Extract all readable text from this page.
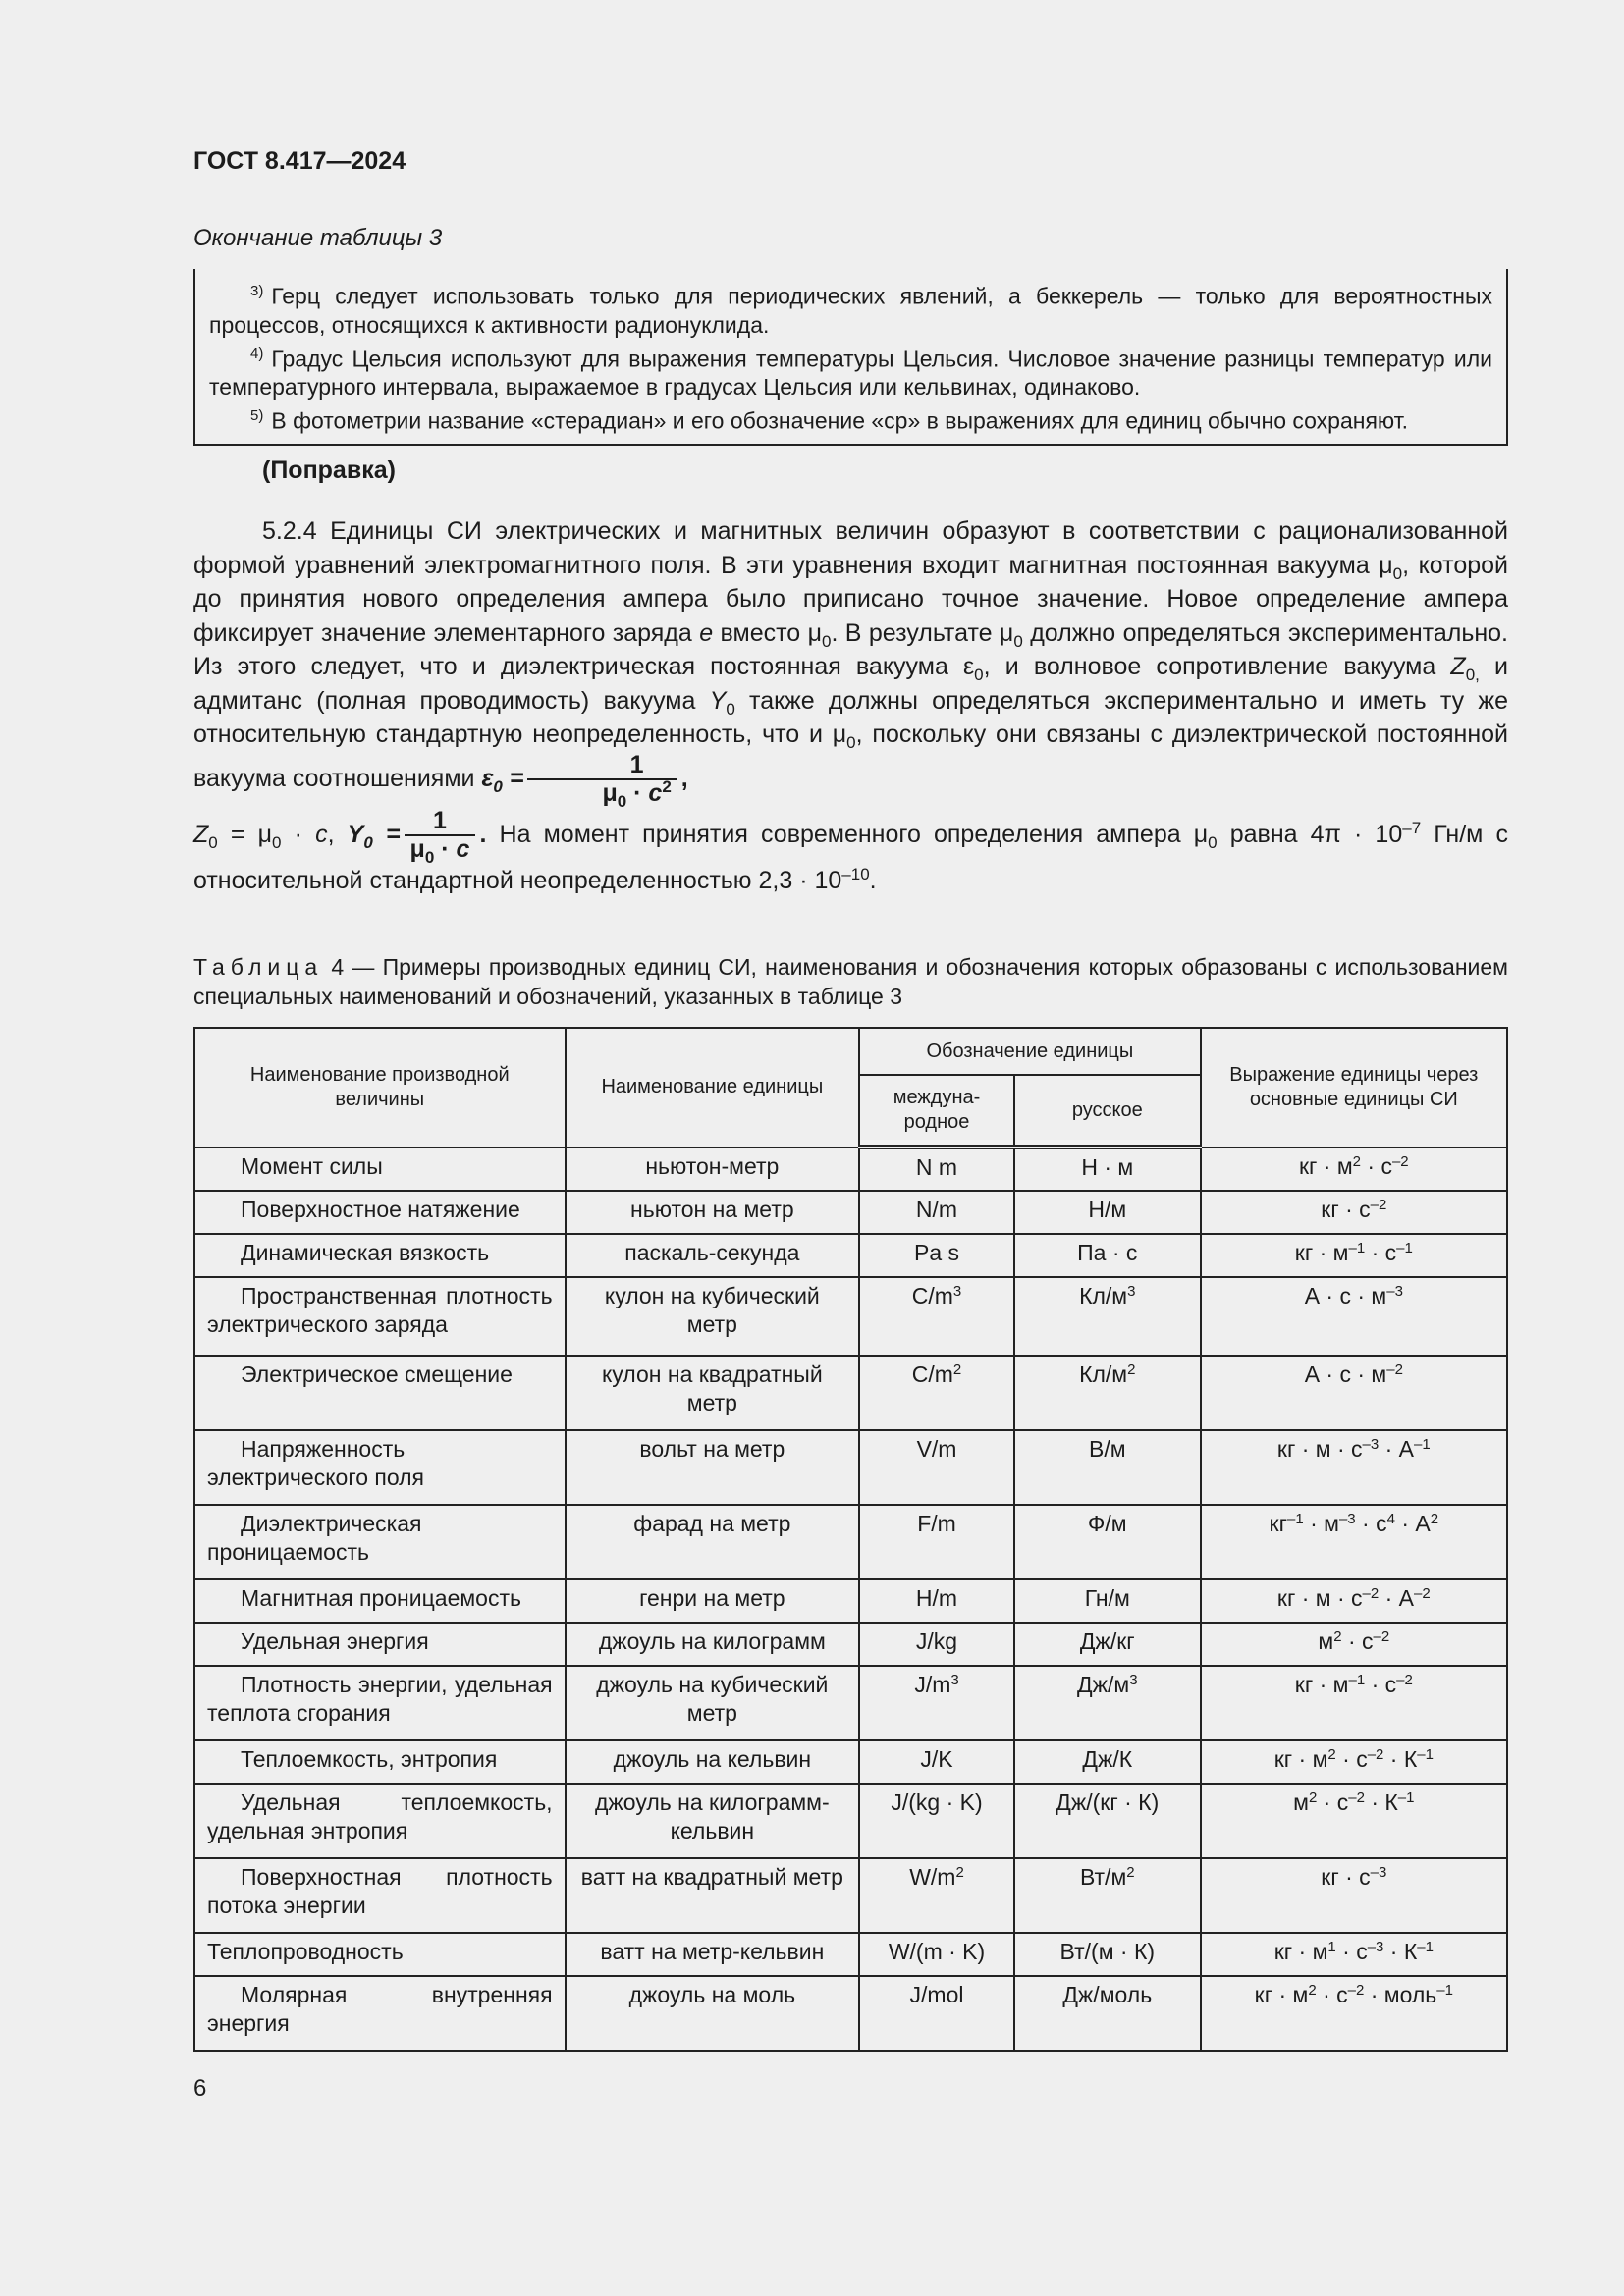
ГОСТ 8.417—2024
Окончание таблицы 3

$^{3)}$ Герц следует использовать только для периодических явлений, а беккерель — только для вероятностных процессов, относящихся к активности радионуклида.

$^{4)}$ Градус Цельсия используют для выражения температуры Цельсия. Числовое значение разницы температур или температурного интервала, выражаемое в градусах Цельсия или кельвинах, одинаково.

$^{5)}$ В фотометрии название «стерадиан» и его обозначение «ср» в выражениях для единиц обычно сохраняют.

(Поправка)

5.2.4 Единицы СИ электрических и магнитных величин образуют в соответствии с рационализованной формой уравнений электромагнитного поля. В эти уравнения входит магнитная постоянная вакуума $\mu_0$, которой до принятия нового определения ампера было приписано точное значение. Новое определение ампера фиксирует значение элементарного заряда e вместо $\mu_0$. В результате $\mu_0$ должно определяться экспериментально. Из этого следует, что и диэлектрическая постоянная вакуума $\varepsilon_0$, и волновое сопротивление вакуума $Z_{0,}$ и адмитанс (полная проводимость) вакуума $Y_0$ также должны определяться экспериментально и иметь ту же относительную стандартную неопределенность, что и $\mu_0$, поскольку они связаны с диэлектрической постоянной вакуума соотношениями $\varepsilon_0 = \frac{1}{\mu_0 \cdot c^2}$ ,

$Z_0 = \mu_0 \cdot c$, $Y_0 = \frac{1}{\mu_0 \cdot c}$ . На момент принятия современного определения ампера $\mu_0$ равна $4\pi \cdot 10^{-7}$ Гн/м с относительной стандартной неопределенностью $2,3 \cdot 10^{-10}$.

Таблица 4 — Примеры производных единиц СИ, наименования и обозначения которых образованы с использованием специальных наименований и обозначений, указанных в таблице 3
Наименование производной величины	Наименование единицы	Обозначение единицы		Выражение единицы через основные единицы СИ
		междуна-родное	русское	
Момент силы	ньютон-метр	N m	Н · м	кг · $м^2 \cdot с^{-2}$
Поверхностное натяжение	ньютон на метр	N/m	Н/м	кг · $с^{-2}$
Динамическая вязкость	паскаль-секунда	Pa s	Па · с	кг · $м^{-1} \cdot с^{-1}$
Пространственная плотность электрического заряда	кулон на кубический метр	$C/m^3$	$Кл/м^3$	$А \cdot с \cdot м^{-3}$
Электрическое смещение	кулон на квадратный метр	$C/m^2$	$Кл/м^2$	$А \cdot с \cdot м^{-2}$
Напряженность электрического поля	вольт на метр	V/m	В/м	кг · $м \cdot с^{-3} \cdot А^{-1}$
Диэлектрическая проницаемость	фарад на метр	F/m	Ф/м	$кг^{-1} \cdot м^{-3} \cdot с^4 \cdot А^2$
Магнитная проницаемость	генри на метр	H/m	Гн/м	кг · $м \cdot с^{-2} \cdot А^{-2}$
Удельная энергия	джоуль на килограмм	J/kg	Дж/кг	$м^2 \cdot с^{-2}$
Плотность энергии, удельная теплота сгорания	джоуль на кубический метр	$J/m^3$	$Дж/м^3$	кг · $м^{-1} \cdot с^{-2}$
Теплоемкость, энтропия	джоуль на кельвин	J/K	Дж/К	кг · $м^2 \cdot с^{-2} \cdot К^{-1}$
Удельная теплоемкость, удельная энтропия	джоуль на килограмм-кельвин	J/(kg · K)	Дж/(кг · К)	$м^2 \cdot с^{-2} \cdot К^{-1}$
Поверхностная плотность потока энергии	ватт на квадратный метр	$W/m^2$	$Вт/м^2$	кг · $с^{-3}$
Теплопроводность	ватт на метр-кельвин	W/(m · K)	Вт/(м · К)	кг · $м^1 \cdot с^{-3} \cdot К^{-1}$
Молярная внутренняя энергия	джоуль на моль	J/mol	Дж/моль	кг · $м^2 \cdot с^{-2}$ · моль$^{-1}$
6
